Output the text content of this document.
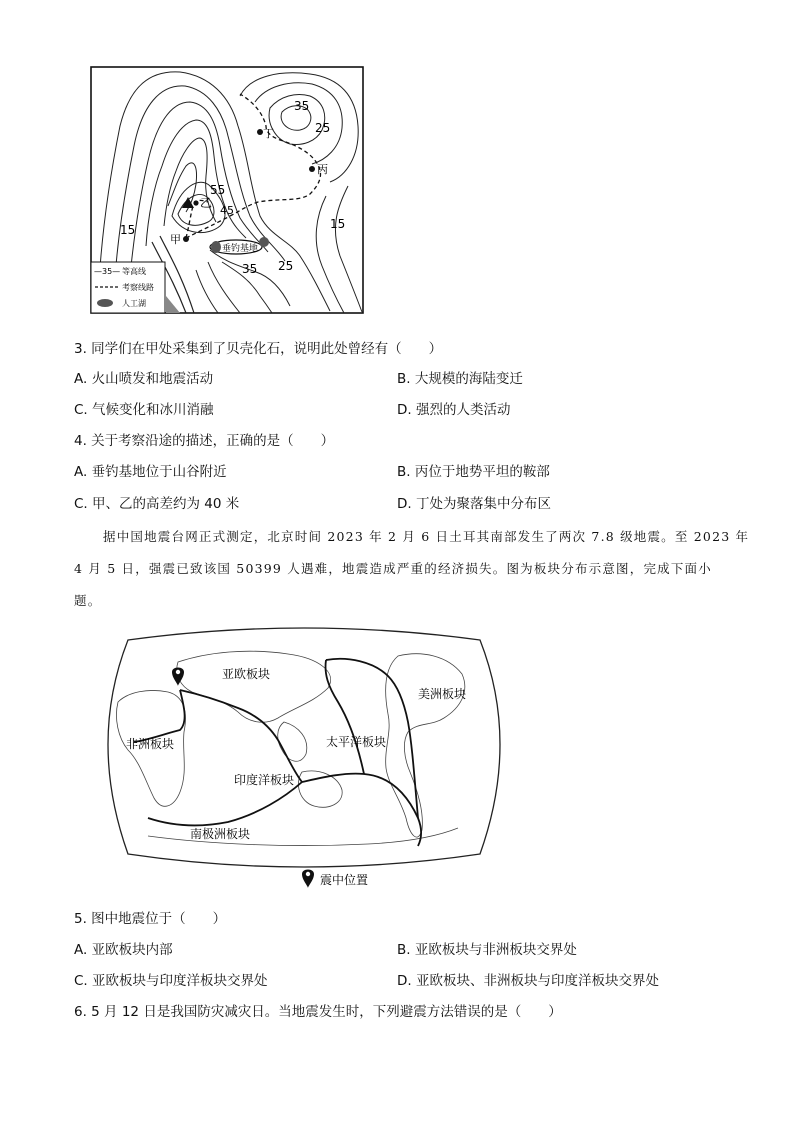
35
25
55
45
15	15
35 25
丁
丙
乙
甲
垂钓基地
—35— 等高线
考察线路
人工湖
3. 同学们在甲处采集到了贝壳化石，说明此处曾经有（　　）
A. 火山喷发和地震活动	B. 大规模的海陆变迁
C. 气候变化和冰川消融	D. 强烈的人类活动
4. 关于考察沿途的描述，正确的是（　　）
A. 垂钓基地位于山谷附近	B. 丙位于地势平坦的鞍部
C. 甲、乙的高差约为 40 米	D. 丁处为聚落集中分布区
据中国地震台网正式测定，北京时间 2023 年 2 月 6 日土耳其南部发生了两次 7.8 级地震。至 2023 年
4 月 5 日，强震已致该国 50399 人遇难，地震造成严重的经济损失。图为板块分布示意图，完成下面小
题。
亚欧板块
美洲板块
非洲板块	太平洋板块
印度洋板块
南极洲板块
震中位置
5. 图中地震位于（　　）
A. 亚欧板块内部	B. 亚欧板块与非洲板块交界处
C. 亚欧板块与印度洋板块交界处	D. 亚欧板块、非洲板块与印度洋板块交界处
6. 5 月 12 日是我国防灾减灾日。当地震发生时，下列避震方法错误的是（　　）
